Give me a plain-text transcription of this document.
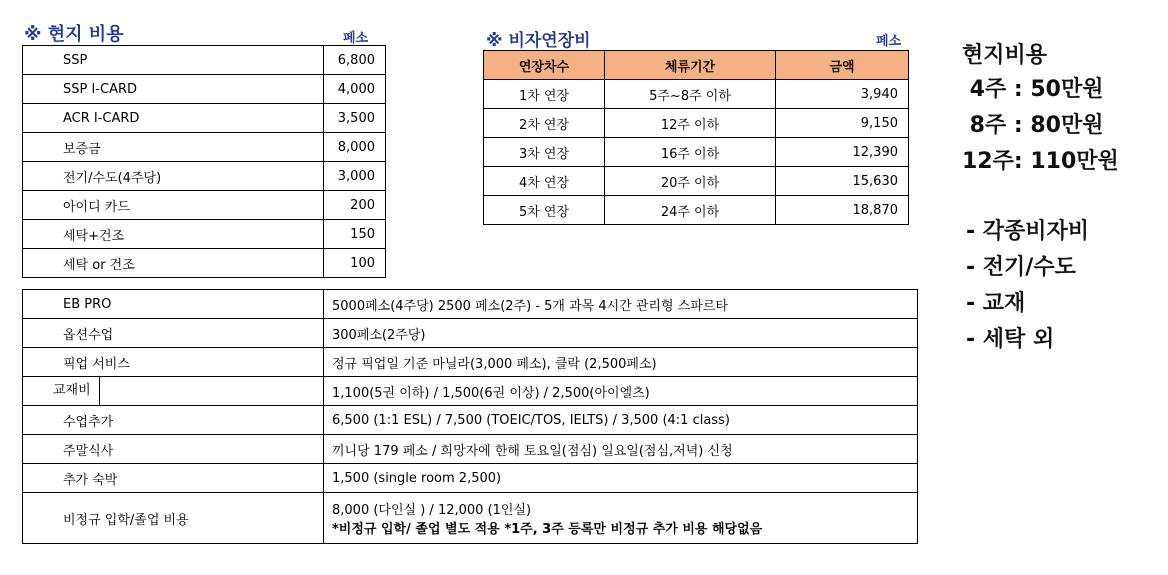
※ 현지 비용	페소
SSP	6,800
SSP I-CARD	4,000
ACR I-CARD	3,500
보증금	8,000
전기/수도(4주당)	3,000
아이디 카드	200
세탁+건조	150
세탁 or 건조	100
EB PRO	5000페소(4주당) 2500 페소(2주) - 5개 과목 4시간 관리형 스파르타
옵션수업	300페소(2주당)
픽업 서비스	정규 픽업일 기준 마닐라(3,000 페소), 클락 (2,500페소)
교재비	1,100(5권 이하) / 1,500(6권 이상) / 2,500(아이엘츠)
수업추가	6,500 (1:1 ESL) / 7,500 (TOEIC/TOS, IELTS) / 3,500 (4:1 class)
주말식사	끼니당 179 페소 / 희망자에 한해 토요일(점심) 일요일(점심,저녁) 신청
추가 숙박	1,500 (single room 2,500)
비정규 입학/졸업 비용	8,000 (다인실 ) / 12,000 (1인실)
*비정규 입학/ 졸업 별도 적용 *1주, 3주 등록만 비정규 추가 비용 해당없음
※ 비자연장비	페소
연장차수	체류기간	금액
1차 연장	5주~8주 이하	3,940
2차 연장	12주 이하	9,150
3차 연장	16주 이하	12,390
4차 연장	20주 이하	15,630
5차 연장	24주 이하	18,870
현지비용
4주 : 50만원
8주 : 80만원
12주: 110만원
- 각종비자비
- 전기/수도
- 교재
- 세탁 외
